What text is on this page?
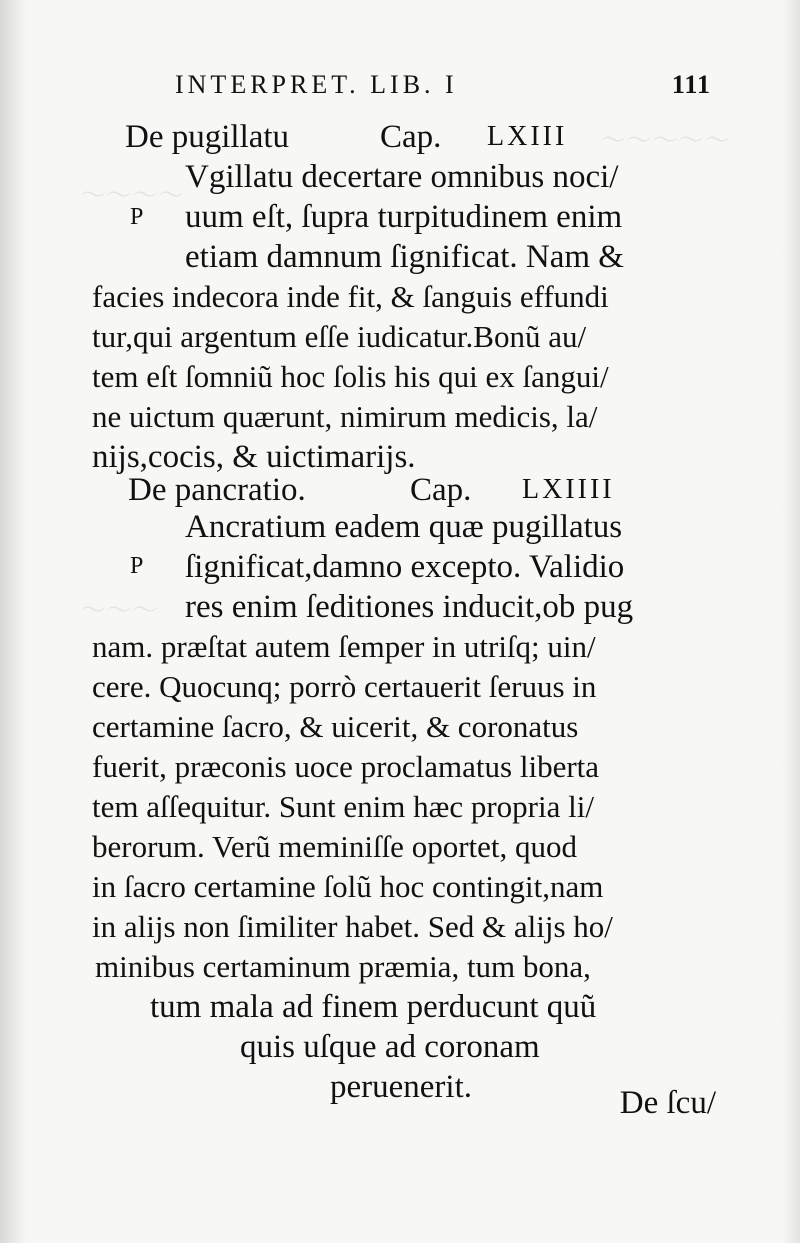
〜〜〜〜〜
〜〜〜〜
〜〜〜
INTERPRET. LIB. I	111
De pugillatu	Cap. LXIII
P
Vgillatu decertare omnibus noci/
uum eſt, ſupra turpitudinem enim
etiam damnum ſignificat. Nam &
facies indecora inde fit, & ſanguis effundi
tur,qui argentum eſſe iudicatur.Bonũ au/
tem eſt ſomniũ hoc ſolis his qui ex ſangui/
ne uictum quærunt, nimirum medicis, la/
nijs,cocis, & uictimarijs.
De pancratio.	Cap. LXIIII
P
Ancratium eadem quæ pugillatus
ſignificat,damno excepto. Validio
res enim ſeditiones inducit,ob pug
nam. præſtat autem ſemper in utriſq; uin/
cere. Quocunq; porrò certauerit ſeruus in
certamine ſacro, & uicerit, & coronatus
fuerit, præconis uoce proclamatus liberta
tem aſſequitur. Sunt enim hæc propria li/
berorum. Verũ meminiſſe oportet, quod
in ſacro certamine ſolũ hoc contingit,nam
in alijs non ſimiliter habet. Sed & alijs ho/
minibus certaminum præmia, tum bona,
tum mala ad finem perducunt quũ
quis uſque ad coronam
peruenerit.	De ſcu/
